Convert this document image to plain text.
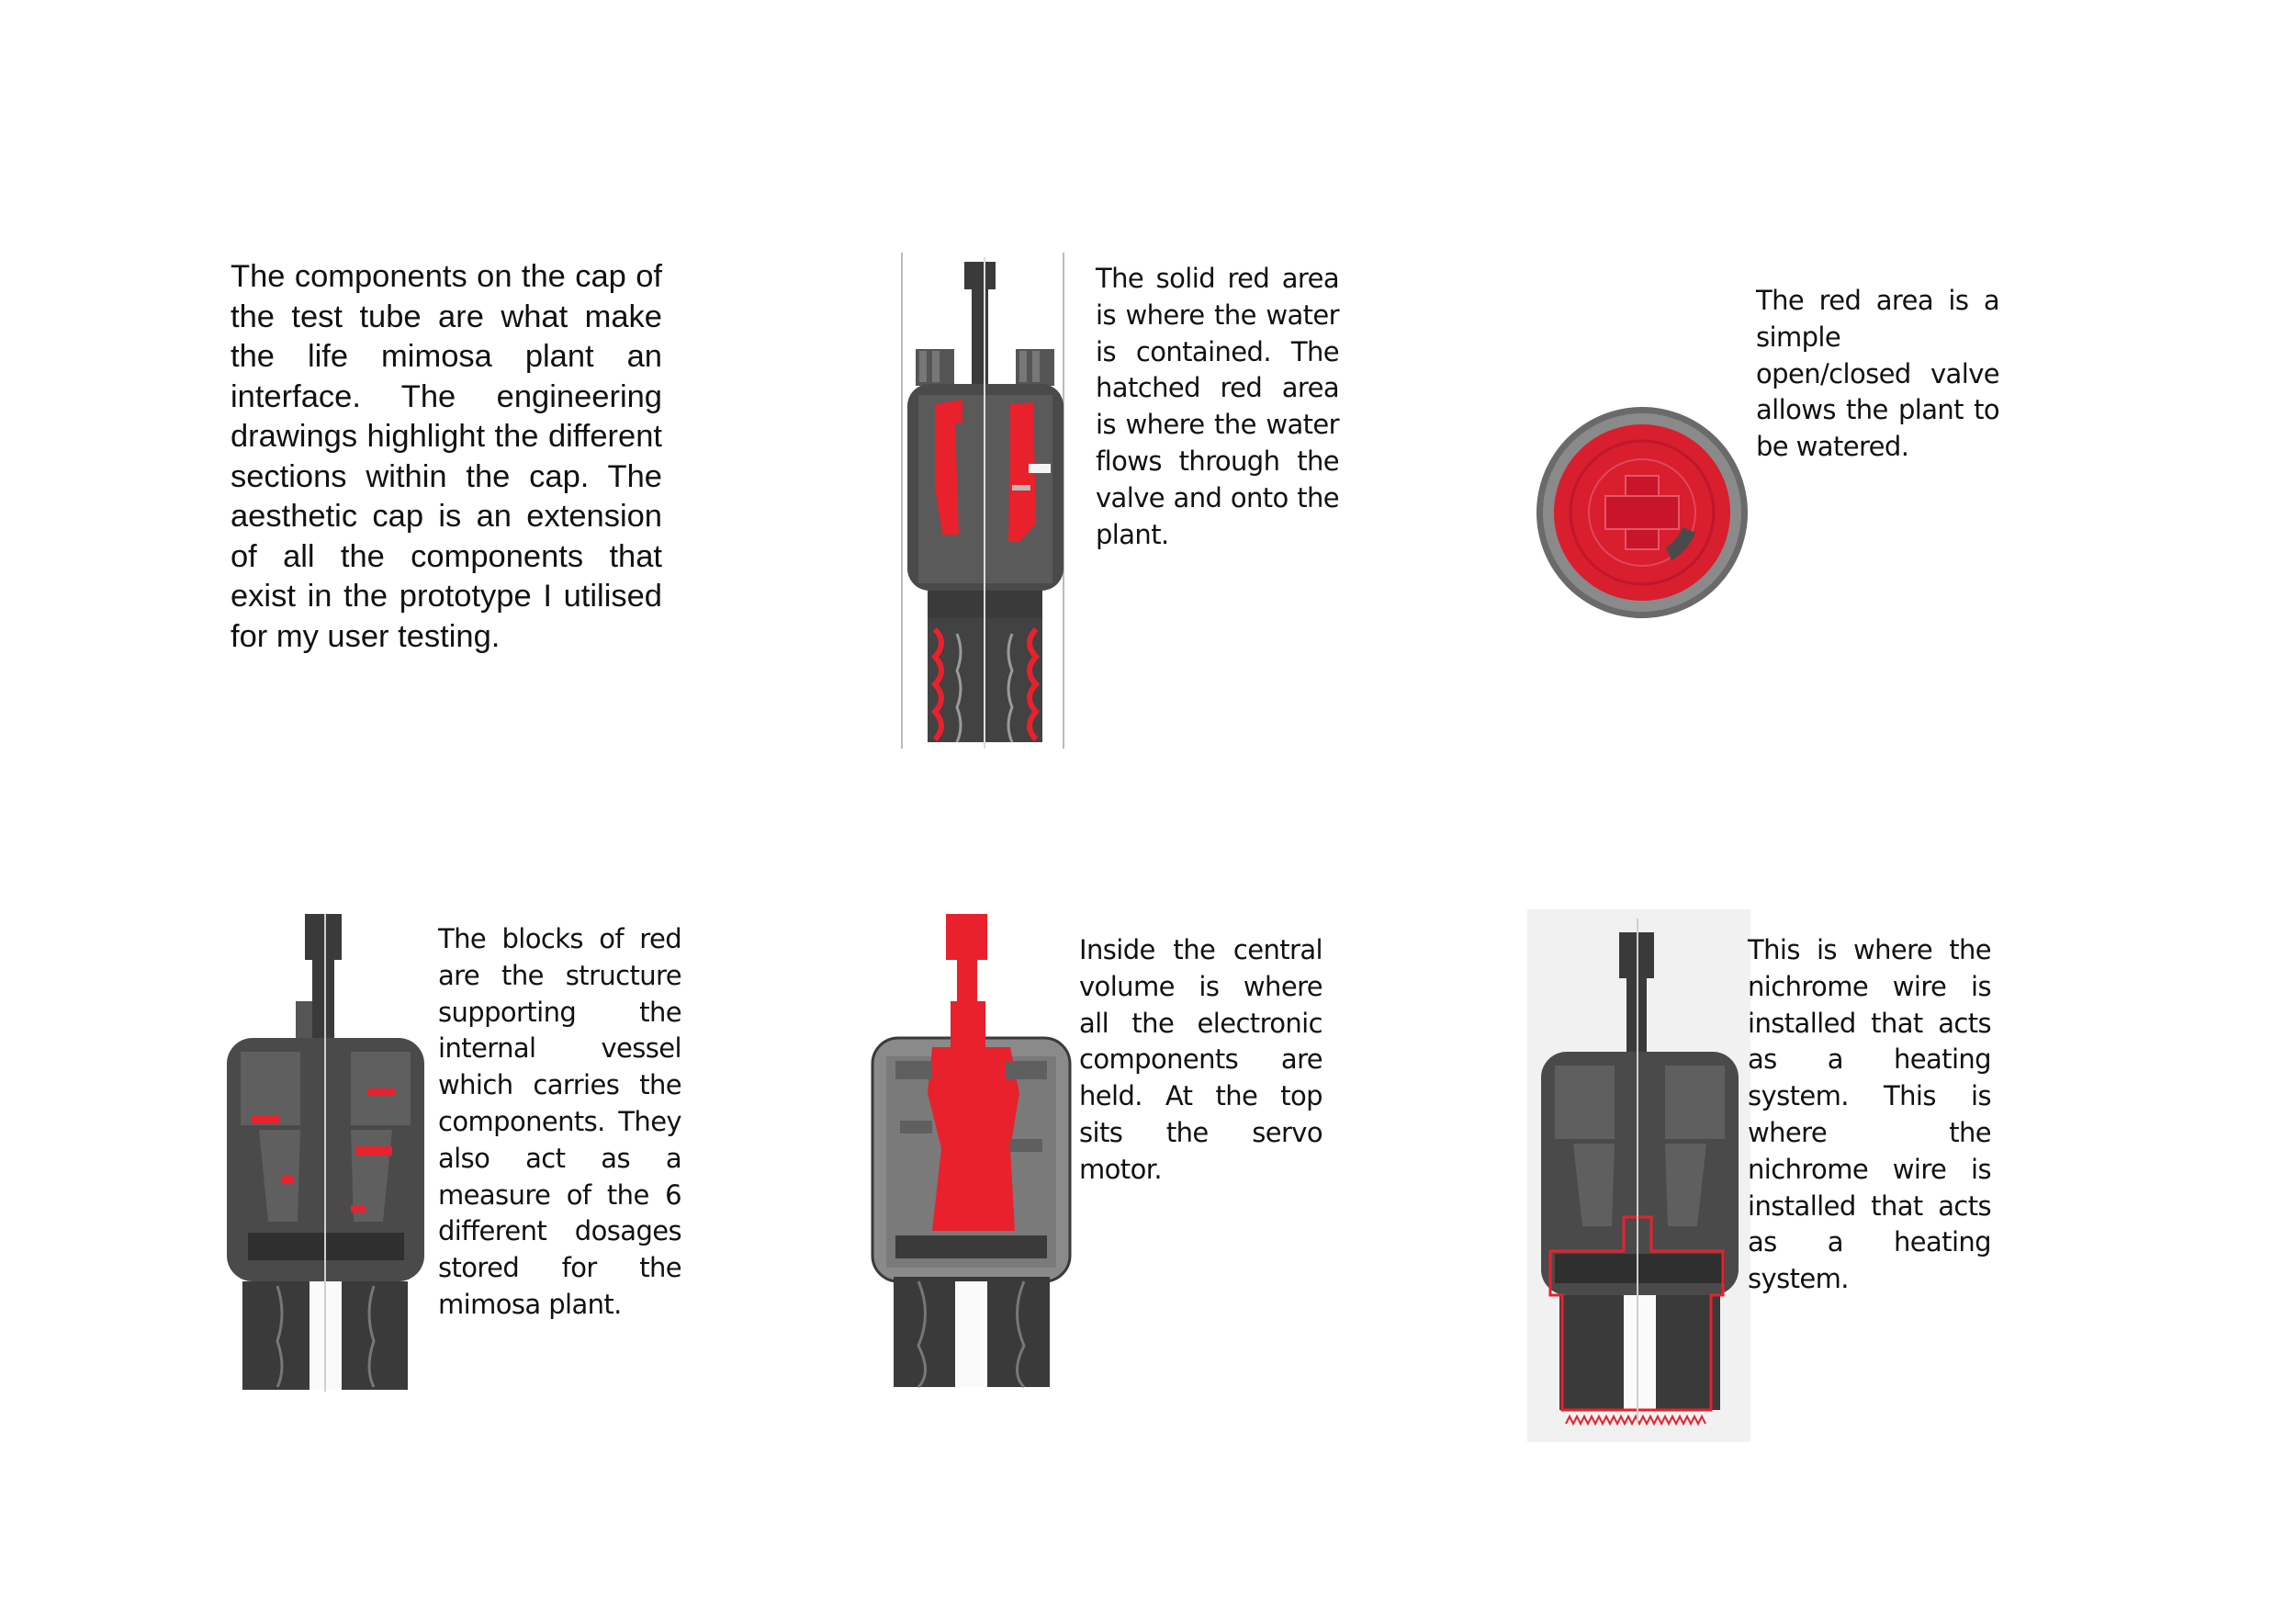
The components on the cap of the test tube are what make the life mimosa plant an interface. The engineering drawings highlight the different sections within the cap. The aesthetic cap is an extension of all the components that exist in the prototype I utilised for my user testing.

The solid red area is where the water is contained. The hatched red area is where the water flows through the valve and onto the plant.

The red area is a simple open/closed valve allows the plant to be watered.

The blocks of red are the structure supporting the internal vessel which carries the components. They also act as a measure of the 6 different dosages stored for the mimosa plant.

Inside the central volume is where all the electronic components are held. At the top sits the servo motor.

This is where the nichrome wire is installed that acts as a heating system. This is where the nichrome wire is installed that acts as a heating system.
